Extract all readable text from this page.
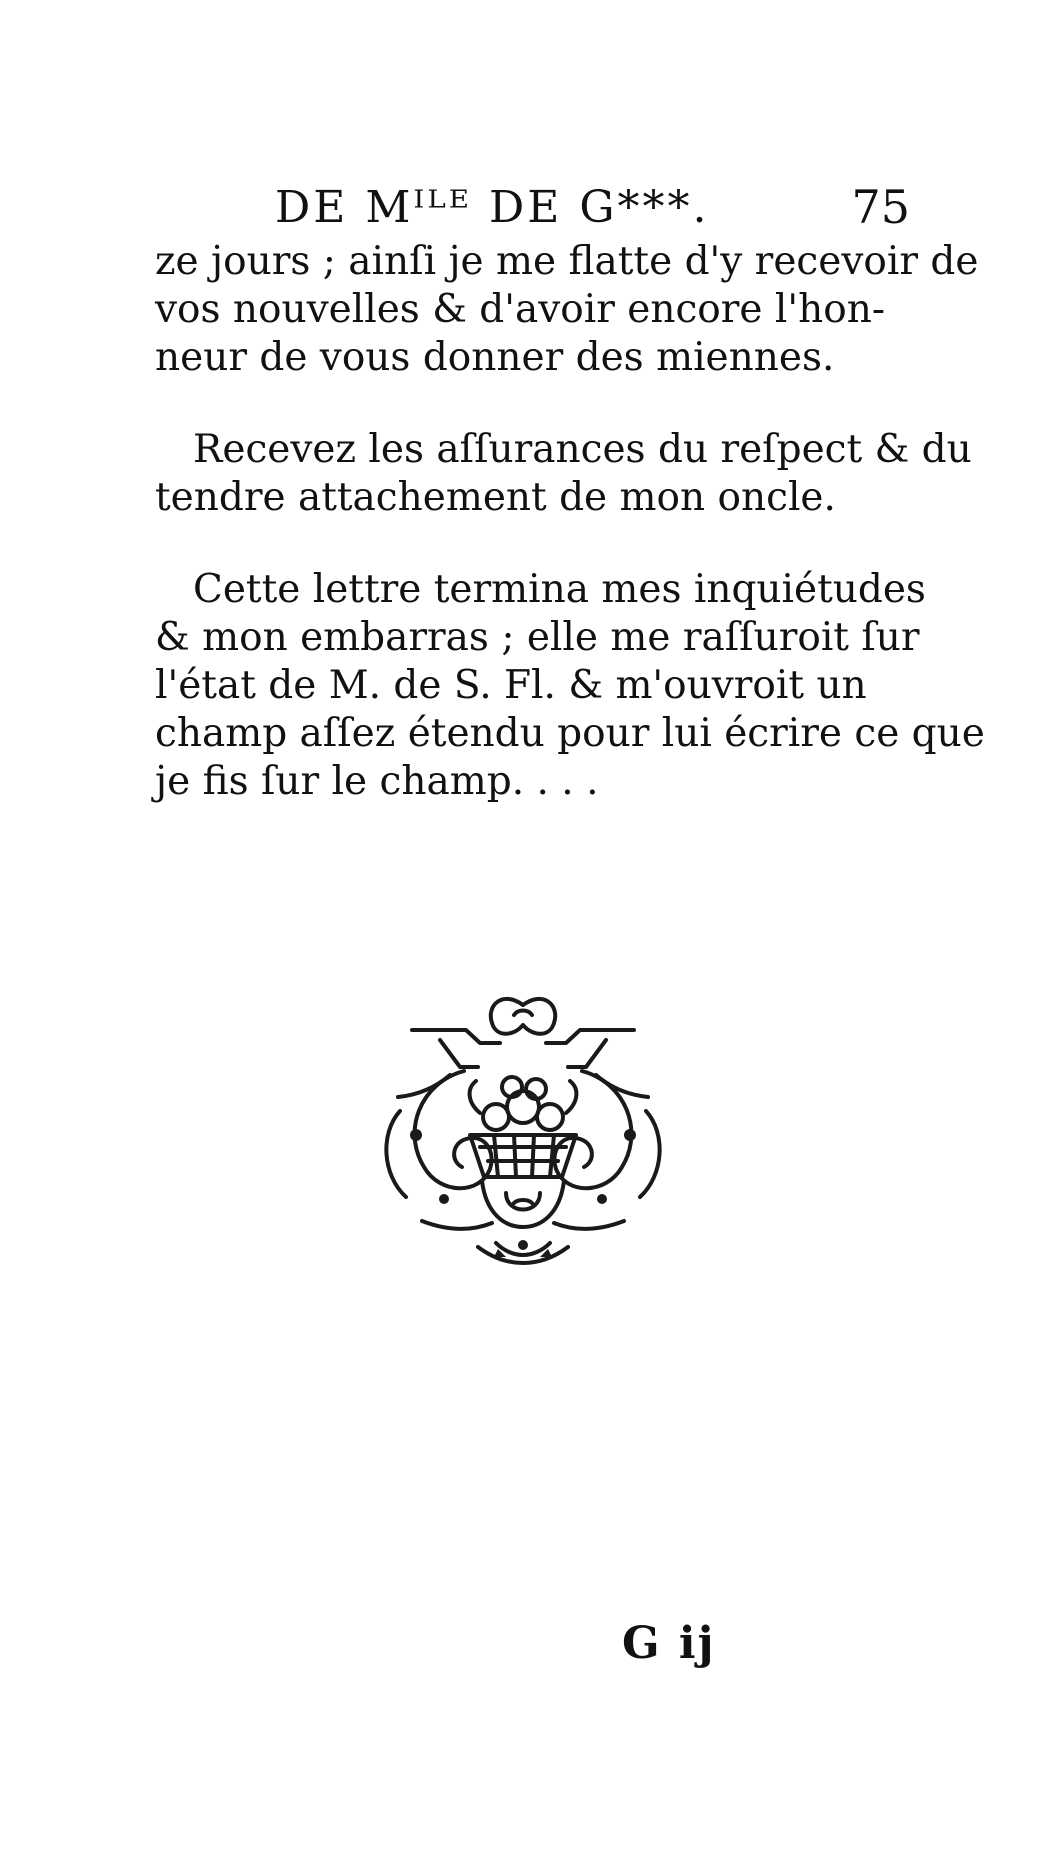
DE Mᴵᴸᴱ DE G***.	75

ze jours ; ainſi je me flatte d'y recevoir de
vos nouvelles & d'avoir encore l'hon-
neur de vous donner des miennes.

Recevez les aſſurances du reſpect & du
tendre attachement de mon oncle.

Cette lettre termina mes inquiétudes
& mon embarras ; elle me raſſuroit ſur
l'état de M. de S. Fl. & m'ouvroit un
champ aſſez étendu pour lui écrire ce que
je fis ſur le champ. . . .

G ij
